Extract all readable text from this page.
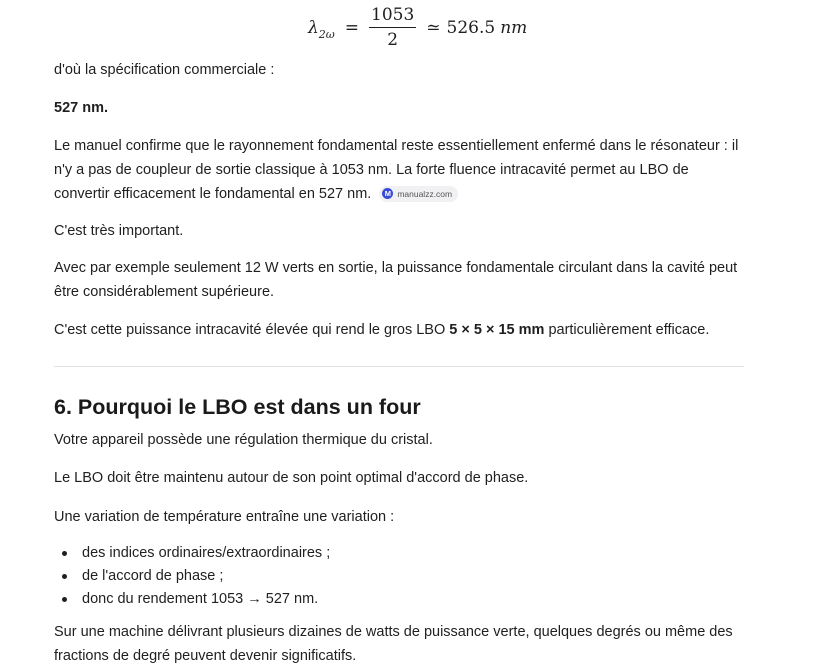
λ $2\omega = \frac{1053}{2}$ ≃ 526.5 nm

d'où la spécification commerciale :

527 nm.

Le manuel confirme que le rayonnement fondamental reste essentiellement enfermé dans le résonateur : il n'y a pas de coupleur de sortie classique à 1053 nm. La forte fluence intracavité permet au LBO de convertir efficacement le fondamental en 527 nm.	M manualzz.com

C'est très important.

Avec par exemple seulement 12 W verts en sortie, la puissance fondamentale circulant dans la cavité peut être considérablement supérieure.

C'est cette puissance intracavité élevée qui rend le gros LBO 5 × 5 × 15 mm particulièrement efficace.

6. Pourquoi le LBO est dans un four

Votre appareil possède une régulation thermique du cristal.

Le LBO doit être maintenu autour de son point optimal d'accord de phase.

Une variation de température entraîne une variation :

des indices ordinaires/extraordinaires ;
de l'accord de phase ;
donc du rendement 1053 → 527 nm.

Sur une machine délivrant plusieurs dizaines de watts de puissance verte, quelques degrés ou même des fractions de degré peuvent devenir significatifs.
